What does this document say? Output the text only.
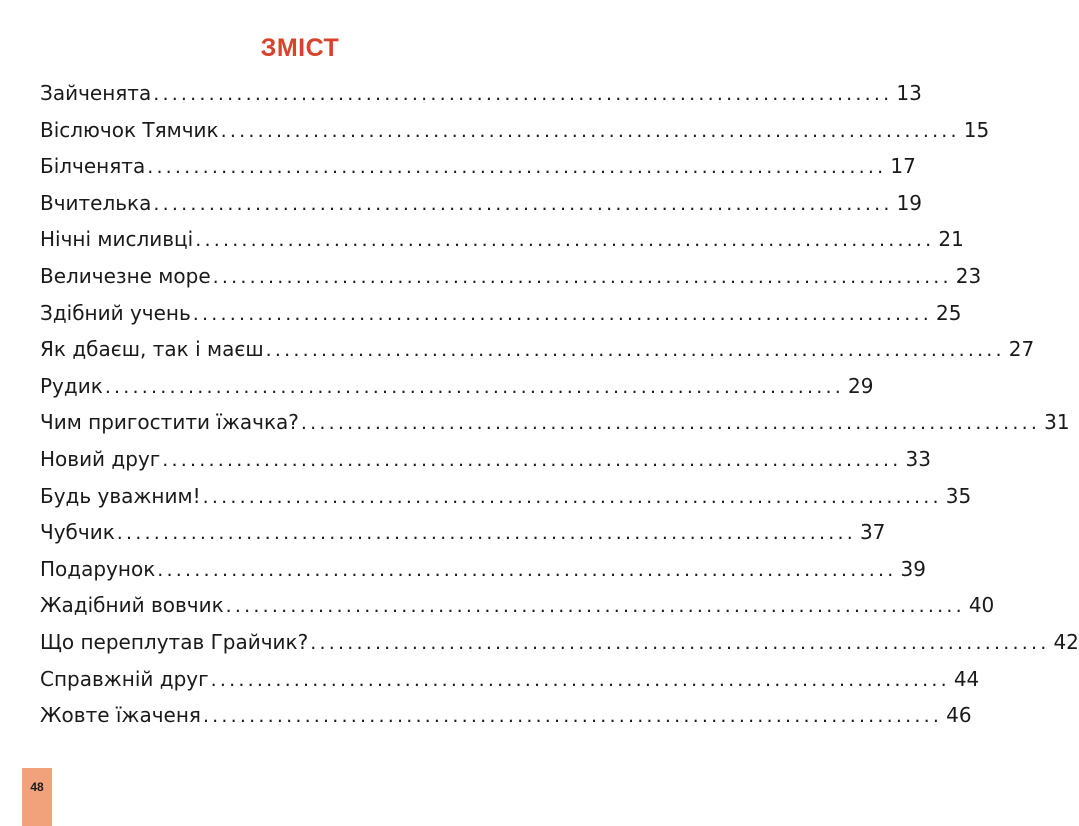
ЗМІСТ
Зайченята ................................................................................ 13
Віслючок Тямчик ................................................................................ 15
Білченята ................................................................................ 17
Вчителька ................................................................................ 19
Нічні мисливці ................................................................................ 21
Величезне море ................................................................................ 23
Здібний учень ................................................................................ 25
Як дбаєш, так і маєш ................................................................................ 27
Рудик ................................................................................ 29
Чим пригостити їжачка? ................................................................................ 31
Новий друг ................................................................................ 33
Будь уважним! ................................................................................ 35
Чубчик ................................................................................ 37
Подарунок ................................................................................ 39
Жадібний вовчик ................................................................................ 40
Що переплутав Грайчик? ................................................................................ 42
Справжній друг ................................................................................ 44
Жовте їжаченя ................................................................................ 46
48
